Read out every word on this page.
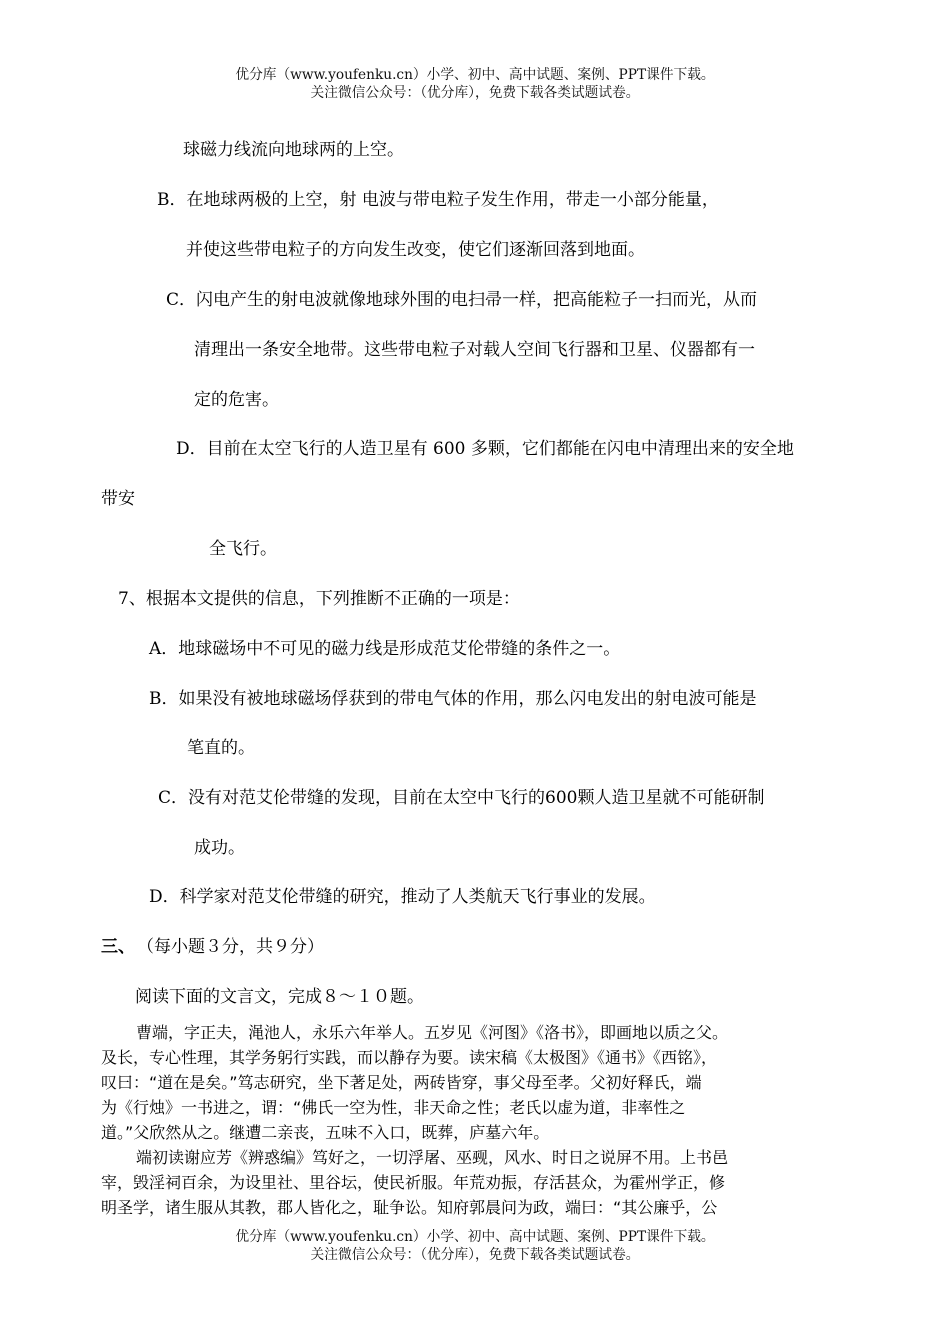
优分库（www.youfenku.cn）小学、初中、高中试题、案例、PPT课件下载。
关注微信公众号：（优分库），免费下载各类试题试卷。
球磁力线流向地球两的上空。
B．在地球两极的上空，射 电波与带电粒子发生作用，带走一小部分能量，
并使这些带电粒子的方向发生改变，使它们逐渐回落到地面。
C．闪电产生的射电波就像地球外围的电扫帚一样，把高能粒子一扫而光，从而
清理出一条安全地带。这些带电粒子对载人空间飞行器和卫星、仪器都有一
定的危害。
D．目前在太空飞行的人造卫星有 600 多颗，它们都能在闪电中清理出来的安全地
带安
全飞行。
7、根据本文提供的信息，下列推断不正确的一项是：
A．地球磁场中不可见的磁力线是形成范艾伦带缝的条件之一。
B．如果没有被地球磁场俘获到的带电气体的作用，那么闪电发出的射电波可能是
笔直的。
C．没有对范艾伦带缝的发现，目前在太空中飞行的600颗人造卫星就不可能研制
成功。
D．科学家对范艾伦带缝的研究，推动了人类航天飞行事业的发展。
三、 （每小题３分，共９分）
阅读下面的文言文，完成８～１０题。
曹端，字正夫，渑池人，永乐六年举人。五岁见《河图》《洛书》，即画地以质之父。
及长，专心性理，其学务躬行实践，而以静存为要。读宋稿《太极图》《通书》《西铭》，
叹曰：“道在是矣。”笃志研究，坐下著足处，两砖皆穿，事父母至孝。父初好释氏，端
为《行烛》一书进之，谓：“佛氏一空为性，非天命之性；老氏以虚为道，非率性之
道。”父欣然从之。继遭二亲丧，五味不入口，既葬，庐墓六年。
端初读谢应芳《辨惑编》笃好之，一切浮屠、巫觋，风水、时日之说屏不用。上书邑
宰，毁淫祠百余，为设里社、里谷坛，使民祈服。年荒劝振，存活甚众，为霍州学正，修
明圣学，诸生服从其教，郡人皆化之，耻争讼。知府郭晨问为政，端曰：“其公廉乎，公
优分库（www.youfenku.cn）小学、初中、高中试题、案例、PPT课件下载。
关注微信公众号：（优分库），免费下载各类试题试卷。
